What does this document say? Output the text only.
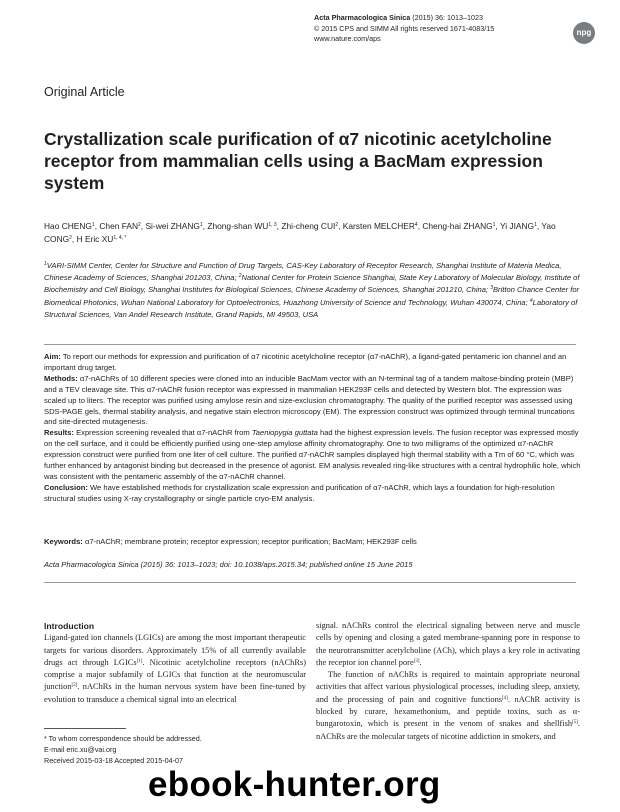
Acta Pharmacologica Sinica (2015) 36: 1013–1023
© 2015 CPS and SIMM All rights reserved 1671-4083/15
www.nature.com/aps
npg
Original Article
Crystallization scale purification of α7 nicotinic acetylcholine receptor from mammalian cells using a BacMam expression system
Hao CHENG$^1$, Chen FAN$^2$, Si-wei ZHANG$^1$, Zhong-shan WU$^{1, 3}$, Zhi-cheng CUI$^2$, Karsten MELCHER$^4$, Cheng-hai ZHANG$^1$, Yi JIANG$^1$, Yao CONG$^2$, H Eric $XU^{1, 4, *}$
$^1$VARI-SIMM Center, Center for Structure and Function of Drug Targets, CAS-Key Laboratory of Receptor Research, Shanghai Institute of Materia Medica, Chinese Academy of Sciences, Shanghai 201203, China; $^2$National Center for Protein Science Shanghai, State Key Laboratory of Molecular Biology, Institute of Biochemistry and Cell Biology, Shanghai Institutes for Biological Sciences, Chinese Academy of Sciences, Shanghai 201210, China; $^3$Britton Chance Center for Biomedical Photonics, Wuhan National Laboratory for Optoelectronics, Huazhong University of Science and Technology, Wuhan 430074, China; $^4$Laboratory of Structural Sciences, Van Andel Research Institute, Grand Rapids, MI 49503, USA

Aim: To report our methods for expression and purification of α7 nicotinic acetylcholine receptor (α7-nAChR), a ligand-gated pentameric ion channel and an important drug target.

Methods: α7-nAChRs of 10 different species were cloned into an inducible BacMam vector with an N-terminal tag of a tandem maltose-binding protein (MBP) and a TEV cleavage site. This α7-nAChR fusion receptor was expressed in mammalian HEK293F cells and detected by Western blot. The expression was scaled up to liters. The receptor was purified using amylose resin and size-exclusion chromatography. The quality of the purified receptor was assessed using SDS-PAGE gels, thermal stability analysis, and negative stain electron microscopy (EM). The expression construct was optimized through terminal truncations and site-directed mutagenesis.

Results: Expression screening revealed that α7-nAChR from Taeniopygia guttata had the highest expression levels. The fusion receptor was expressed mostly on the cell surface, and it could be efficiently purified using one-step amylose affinity chromatography. One to two milligrams of the optimized α7-nAChR expression construct were purified from one liter of cell culture. The purified α7-nAChR samples displayed high thermal stability with a Tm of 60 °C, which was further enhanced by antagonist binding but decreased in the presence of agonist. EM analysis revealed ring-like structures with a central hydrophilic hole, which was consistent with the pentameric assembly of the α7-nAChR channel.

Conclusion: We have established methods for crystallization scale expression and purification of α7-nAChR, which lays a foundation for high-resolution structural studies using X-ray crystallography or single particle cryo-EM analysis.

Keywords: α7-nAChR; membrane protein; receptor expression; receptor purification; BacMam; HEK293F cells
Acta Pharmacologica Sinica (2015) 36: 1013–1023; doi: 10.1038/aps.2015.34; published online 15 June 2015
Introduction

Ligand-gated ion channels (LGICs) are among the most important therapeutic targets for various disorders. Approximately 15% of all currently available drugs act through LGICs[1]. Nicotinic acetylcholine receptors (nAChRs) comprise a major subfamily of LGICs that function at the neuromuscular junction[2]. nAChRs in the human nervous system have been fine-tuned by evolution to transduce a chemical signal into an electrical

signal. nAChRs control the electrical signaling between nerve and muscle cells by opening and closing a gated membrane-spanning pore in response to the neurotransmitter acetylcholine (ACh), which plays a key role in activating the receptor ion channel pore[3].

The function of nAChRs is required to maintain appropriate neuronal activities that affect various physiological processes, including sleep, anxiety, and the processing of pain and cognitive functions[4]. nAChR activity is blocked by curare, hexamethonium, and peptide toxins, such as α-bungarotoxin, which is present in the venom of snakes and shellfish[5]. nAChRs are the molecular targets of nicotine addiction in smokers, and

* To whom correspondence should be addressed.
E-mail eric.xu@vai.org
Received 2015-03-18 Accepted 2015-04-07
ebook-hunter.org
